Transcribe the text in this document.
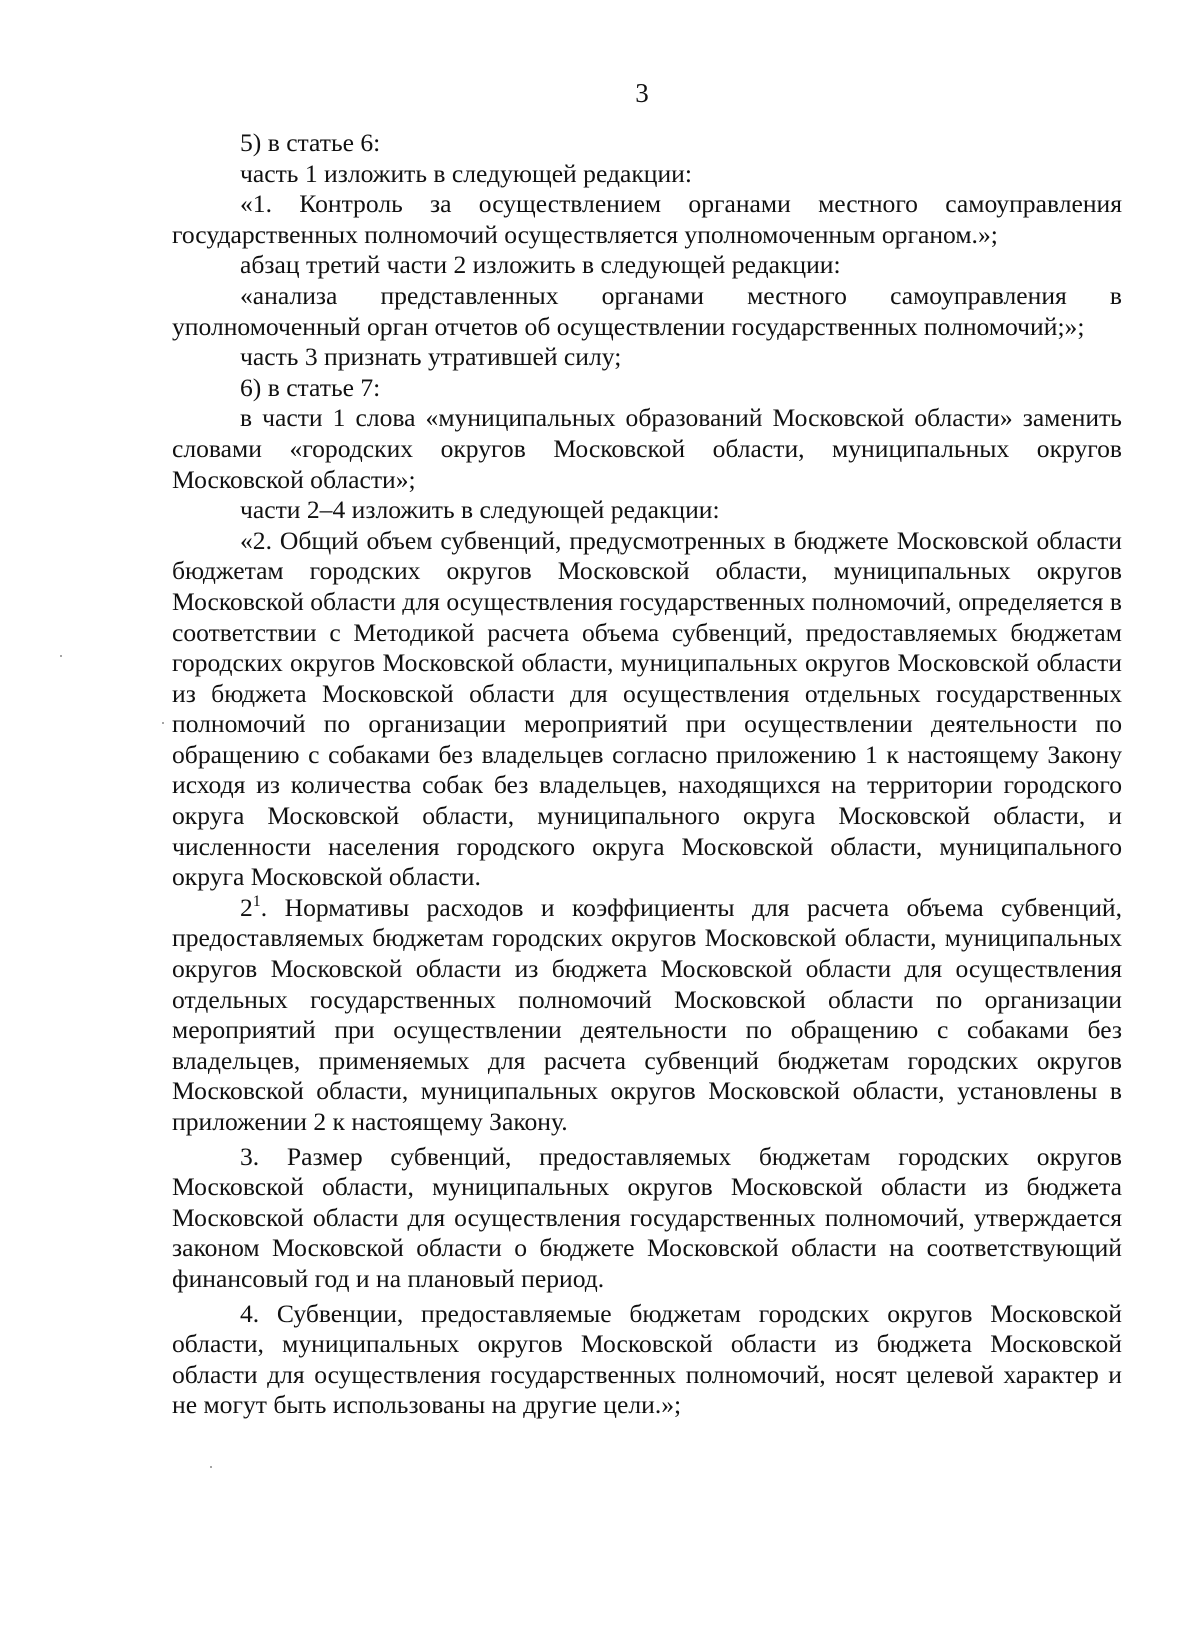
3

5) в статье 6:

часть 1 изложить в следующей редакции:

«1. Контроль за осуществлением органами местного самоуправления государственных полномочий осуществляется уполномоченным органом.»;

абзац третий части 2 изложить в следующей редакции:

«анализа представленных органами местного самоуправления в уполномоченный орган отчетов об осуществлении государственных полномочий;»;

часть 3 признать утратившей силу;

6) в статье 7:

в части 1 слова «муниципальных образований Московской области» заменить словами «городских округов Московской области, муниципальных округов Московской области»;

части 2–4 изложить в следующей редакции:

«2. Общий объем субвенций, предусмотренных в бюджете Московской области бюджетам городских округов Московской области, муниципальных округов Московской области для осуществления государственных полномочий, определяется в соответствии с Методикой расчета объема субвенций, предоставляемых бюджетам городских округов Московской области, муниципальных округов Московской области из бюджета Московской области для осуществления отдельных государственных полномочий по организации мероприятий при осуществлении деятельности по обращению с собаками без владельцев согласно приложению 1 к настоящему Закону исходя из количества собак без владельцев, находящихся на территории городского округа Московской области, муниципального округа Московской области, и численности населения городского округа Московской области, муниципального округа Московской области.

$2^1$. Нормативы расходов и коэффициенты для расчета объема субвенций, предоставляемых бюджетам городских округов Московской области, муниципальных округов Московской области из бюджета Московской области для осуществления отдельных государственных полномочий Московской области по организации мероприятий при осуществлении деятельности по обращению с собаками без владельцев, применяемых для расчета субвенций бюджетам городских округов Московской области, муниципальных округов Московской области, установлены в приложении 2 к настоящему Закону.

3. Размер субвенций, предоставляемых бюджетам городских округов Московской области, муниципальных округов Московской области из бюджета Московской области для осуществления государственных полномочий, утверждается законом Московской области о бюджете Московской области на соответствующий финансовый год и на плановый период.

4. Субвенции, предоставляемые бюджетам городских округов Московской области, муниципальных округов Московской области из бюджета Московской области для осуществления государственных полномочий, носят целевой характер и не могут быть использованы на другие цели.»;
